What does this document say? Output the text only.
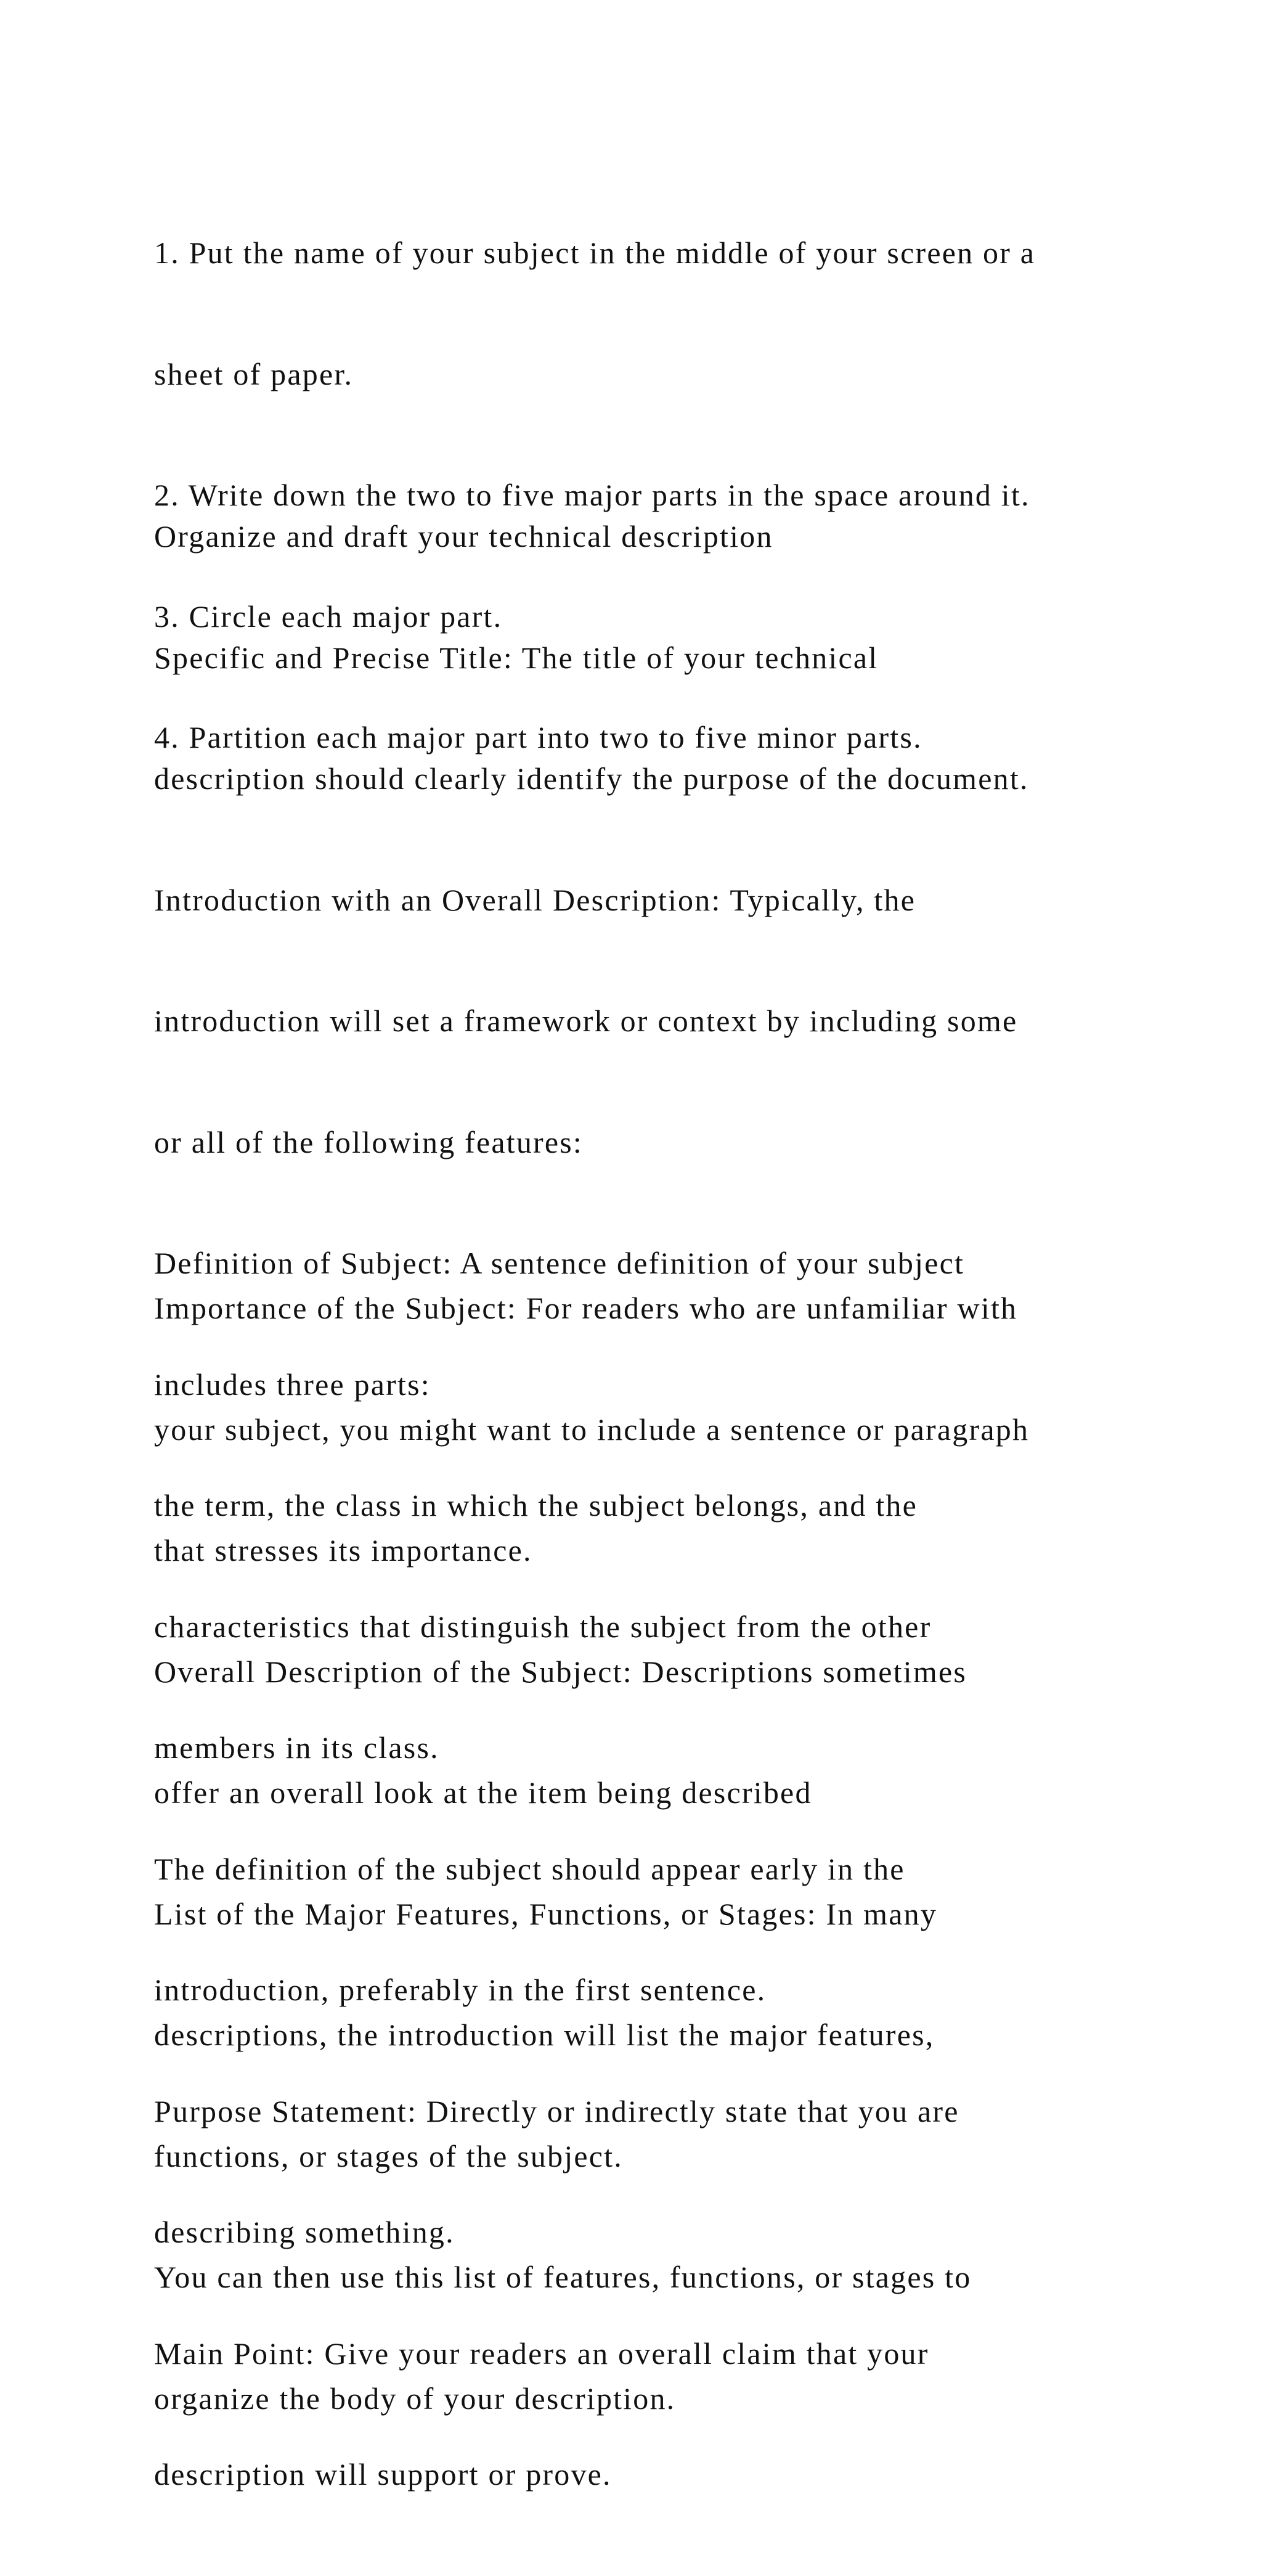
1. Put the name of your subject in the middle of your screen or a

sheet of paper.

2. Write down the two to five major parts in the space around it.

3. Circle each major part.

4. Partition each major part into two to five minor parts.

Organize and draft your technical description

Specific and Precise Title: The title of your technical

description should clearly identify the purpose of the document.

Introduction with an Overall Description: Typically, the

introduction will set a framework or context by including some

or all of the following features:

Definition of Subject: A sentence definition of your subject

includes three parts:

the term, the class in which the subject belongs, and the

characteristics that distinguish the subject from the other

members in its class.

The definition of the subject should appear early in the

introduction, preferably in the first sentence.

Purpose Statement: Directly or indirectly state that you are

describing something.

Main Point: Give your readers an overall claim that your

description will support or prove.

Importance of the Subject: For readers who are unfamiliar with

your subject, you might want to include a sentence or paragraph

that stresses its importance.

Overall Description of the Subject: Descriptions sometimes

offer an overall look at the item being described

List of the Major Features, Functions, or Stages: In many

descriptions, the introduction will list the major features,

functions, or stages of the subject.

You can then use this list of features, functions, or stages to

organize the body of your description.
